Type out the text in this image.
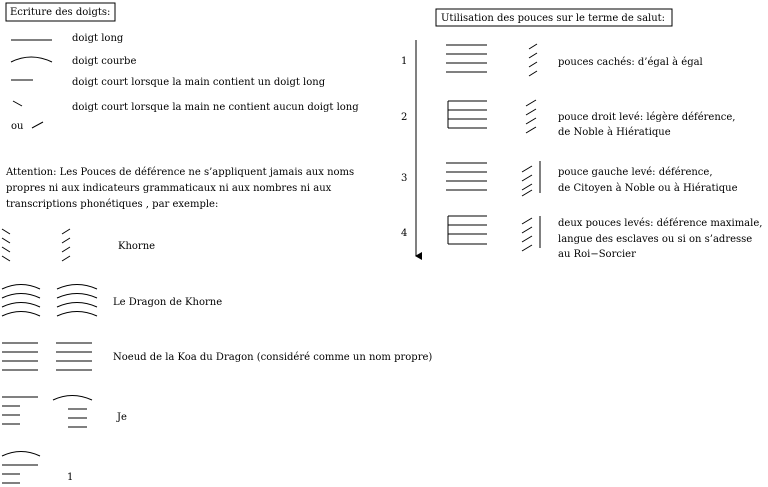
Ecriture des doigts:
doigt long
doigt courbe
doigt court lorsque la main contient un doigt long
doigt court lorsque la main ne contient aucun doigt long
ou
Attention: Les Pouces de déférence ne s’appliquent jamais aux noms
propres ni aux indicateurs grammaticaux ni aux nombres ni aux
transcriptions phonétiques , par exemple:
Khorne
Le Dragon de Khorne
Noeud de la Koa du Dragon (considéré comme un nom propre)
Je
1
Utilisation des pouces sur le terme de salut:
1
2
3
4
pouces cachés: d’égal à égal
pouce droit levé: légère déférence,
de Noble à Hiératique
pouce gauche levé: déférence,
de Citoyen à Noble ou à Hiératique
deux pouces levés: déférence maximale,
langue des esclaves ou si on s’adresse
au Roi−Sorcier
